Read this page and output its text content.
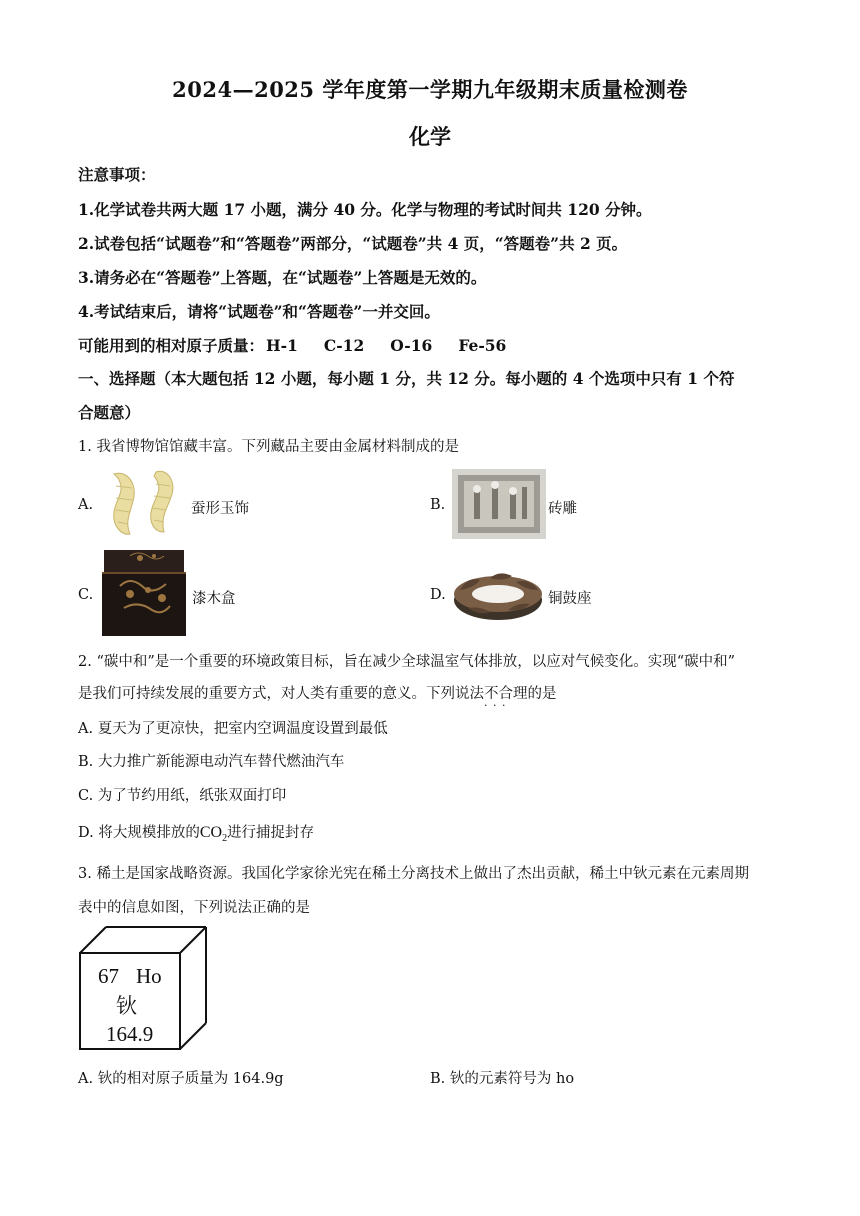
2024—2025 学年度第一学期九年级期末质量检测卷
化学
注意事项：
1.化学试卷共两大题 17 小题，满分 40 分。化学与物理的考试时间共 120 分钟。
2.试卷包括“试题卷”和“答题卷”两部分，“试题卷”共 4 页，“答题卷”共 2 页。
3.请务必在“答题卷”上答题，在“试题卷”上答题是无效的。
4.考试结束后，请将“试题卷”和“答题卷”一并交回。
可能用到的相对原子质量： H-1 C-12 O-16 Fe-56
一、选择题（本大题包括 12 小题，每小题 1 分，共 12 分。每小题的 4 个选项中只有 1 个符
合题意）
1. 我省博物馆馆藏丰富。下列藏品主要由金属材料制成的是
A.	蚕形玉饰	B.	砖雕
C.	漆木盒	D.	铜鼓座
2. “碳中和”是一个重要的环境政策目标，旨在减少全球温室气体排放，以应对气候变化。实现“碳中和”
是我们可持续发展的重要方式，对人类有重要的意义。下列说法不合理 · · ·的是
A. 夏天为了更凉快，把室内空调温度设置到最低
B. 大力推广新能源电动汽车替代燃油汽车
C. 为了节约用纸，纸张双面打印
D. 将大规模排放的$CO_2$进行捕捉封存
3. 稀土是国家战略资源。我国化学家徐光宪在稀土分离技术上做出了杰出贡献，稀土中钬元素在元素周期
表中的信息如图，下列说法正确的是
67 Ho
钬
164.9
A. 钬的相对原子质量为 164.9g	B. 钬的元素符号为 ho
